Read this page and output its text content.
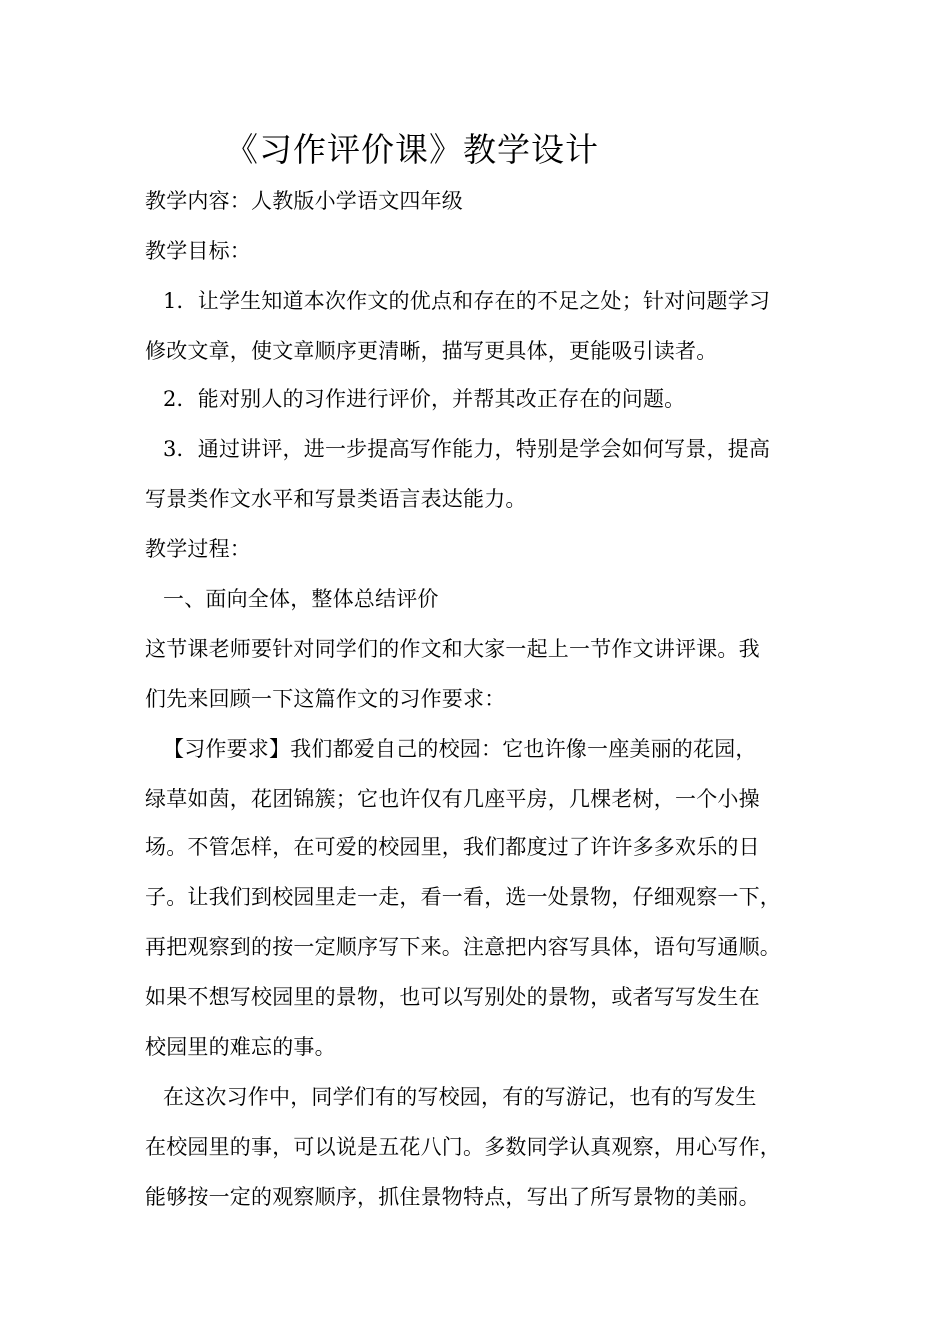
《习作评价课》教学设计
教学内容：人教版小学语文四年级
教学目标：
1．让学生知道本次作文的优点和存在的不足之处；针对问题学习
修改文章，使文章顺序更清晰，描写更具体，更能吸引读者。
2．能对别人的习作进行评价，并帮其改正存在的问题。
3．通过讲评，进一步提高写作能力，特别是学会如何写景，提高
写景类作文水平和写景类语言表达能力。
教学过程：
一、面向全体，整体总结评价
这节课老师要针对同学们的作文和大家一起上一节作文讲评课。我
们先来回顾一下这篇作文的习作要求：
【习作要求】我们都爱自己的校园：它也许像一座美丽的花园，
绿草如茵，花团锦簇；它也许仅有几座平房，几棵老树，一个小操
场。不管怎样，在可爱的校园里，我们都度过了许许多多欢乐的日
子。让我们到校园里走一走，看一看，选一处景物，仔细观察一下，
再把观察到的按一定顺序写下来。注意把内容写具体，语句写通顺。
如果不想写校园里的景物，也可以写别处的景物，或者写写发生在
校园里的难忘的事。
在这次习作中，同学们有的写校园，有的写游记，也有的写发生
在校园里的事，可以说是五花八门。多数同学认真观察，用心写作，
能够按一定的观察顺序，抓住景物特点，写出了所写景物的美丽。
